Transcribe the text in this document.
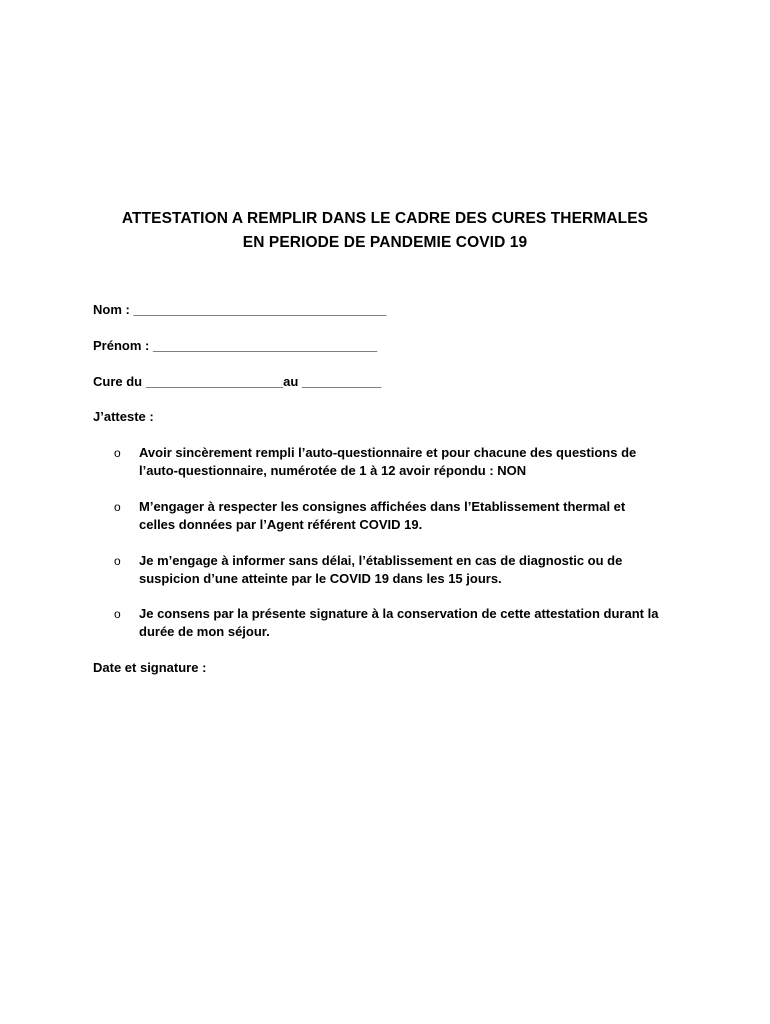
ATTESTATION A REMPLIR DANS LE CADRE DES CURES THERMALES
EN PERIODE DE PANDEMIE COVID 19
Nom : ___________________________________
Prénom : _______________________________
Cure du ___________________au ___________
J’atteste :
o Avoir sincèrement rempli l’auto-questionnaire et pour chacune des questions de
l’auto-questionnaire, numérotée de 1 à 12 avoir répondu : NON
o M’engager à respecter les consignes affichées dans l’Etablissement thermal et
celles données par l’Agent référent COVID 19.
o Je m’engage à informer sans délai, l’établissement en cas de diagnostic ou de
suspicion d’une atteinte par le COVID 19 dans les 15 jours.
o Je consens par la présente signature à la conservation de cette attestation durant la
durée de mon séjour.
Date et signature :
